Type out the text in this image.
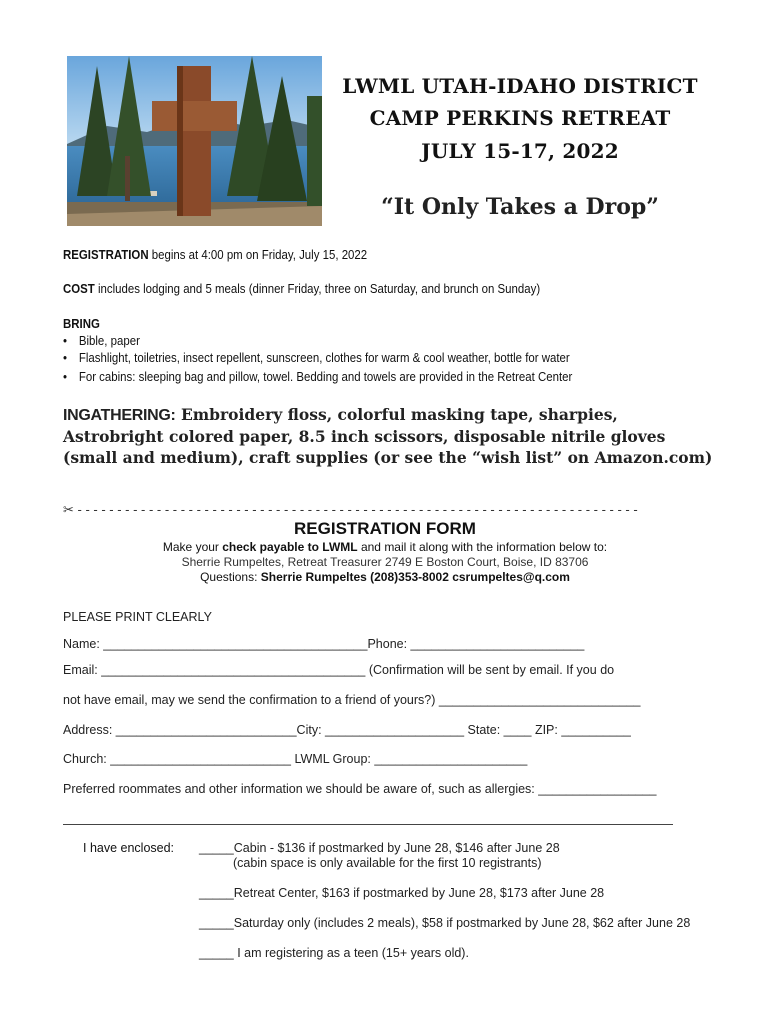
LWML UTAH-IDAHO DISTRICT
CAMP PERKINS RETREAT
JULY 15-17, 2022
“It Only Takes a Drop”
REGISTRATION begins at 4:00 pm on Friday, July 15, 2022
COST includes lodging and 5 meals (dinner Friday, three on Saturday, and brunch on Sunday)
BRING
• Bible, paper
• Flashlight, toiletries, insect repellent, sunscreen, clothes for warm & cool weather, bottle for water
• For cabins: sleeping bag and pillow, towel. Bedding and towels are provided in the Retreat Center
INGATHERING: Embroidery floss, colorful masking tape, sharpies, Astrobright colored paper, 8.5 inch scissors, disposable nitrile gloves (small and medium), craft supplies (or see the “wish list” on Amazon.com)
✂ - - - - - - - - - - - - - - - - - - - - - - - - - - - - - - - - - - - - - - - - - - - - - - - - - - - - - - - - - - - - - - - - - - - - - - -
REGISTRATION FORM
Make your check payable to LWML and mail it along with the information below to:
Sherrie Rumpeltes, Retreat Treasurer 2749 E Boston Court, Boise, ID 83706
Questions: Sherrie Rumpeltes (208)353-8002 csrumpeltes@q.com
PLEASE PRINT CLEARLY
Name: ______________________________________Phone: _________________________
Email: ______________________________________ (Confirmation will be sent by email. If you do
not have email, may we send the confirmation to a friend of yours?) _____________________________
Address: __________________________City: ____________________ State: ____ ZIP: __________
Church: __________________________ LWML Group: ______________________
Preferred roommates and other information we should be aware of, such as allergies: _________________
I have enclosed: _____Cabin - $136 if postmarked by June 28, $146 after June 28
(cabin space is only available for the first 10 registrants)
_____Retreat Center, $163 if postmarked by June 28, $173 after June 28
_____Saturday only (includes 2 meals), $58 if postmarked by June 28, $62 after June 28
_____ I am registering as a teen (15+ years old).
